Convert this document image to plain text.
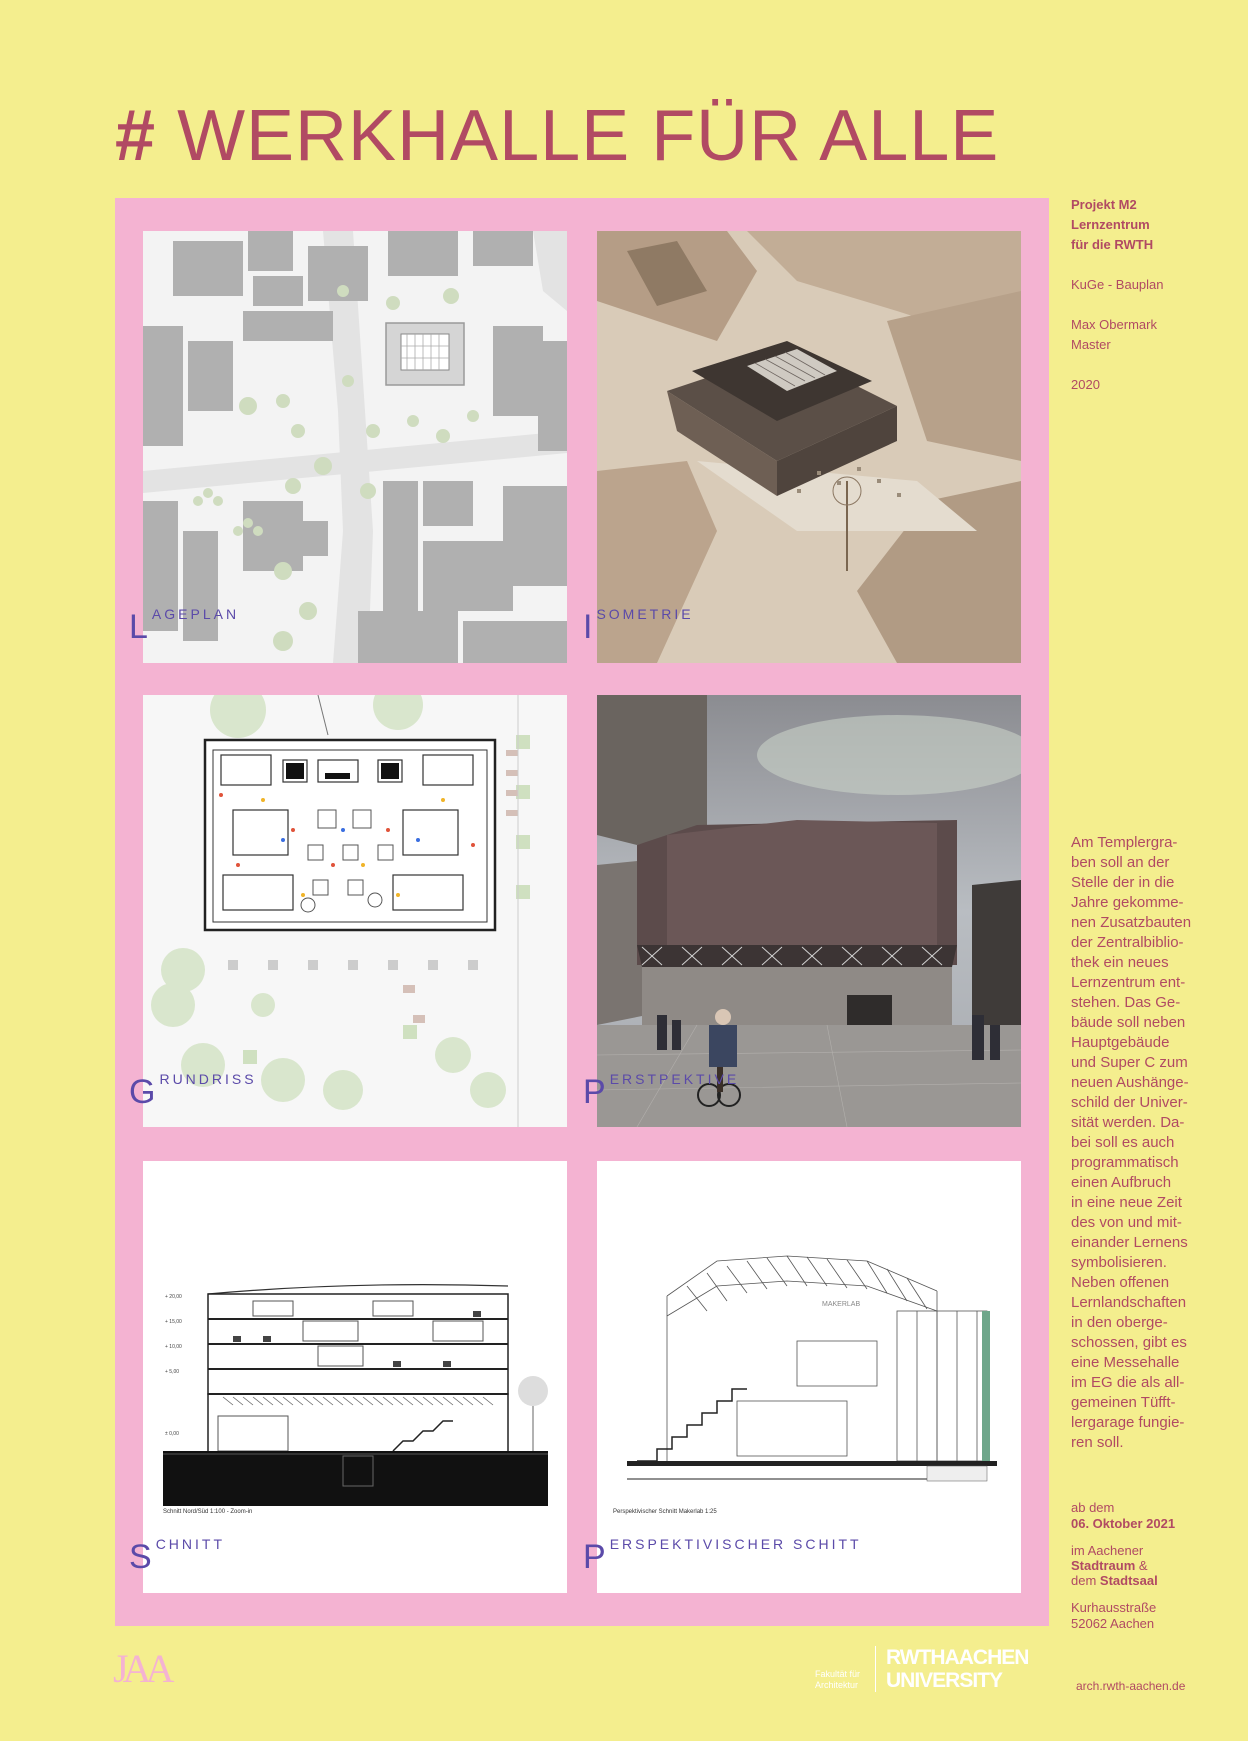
# WERKHALLE FÜR ALLE
LAGEPLAN	ISOMETRIE
GRUNDRISS	PERSTPEKTIVE
+ 20,00
+ 15,00
+ 10,00
+ 5,00
± 0,00
Schnitt Nord/Süd 1:100 - Zoom-in
SCHNITT
MAKERLAB
Perspektivischer Schnitt Makerlab 1:25
PERSPEKTIVISCHER SCHITT
Projekt M2
Lernzentrum
für die RWTH
KuGe - Bauplan
Max Obermark
Master
2020
Am Templergra-
ben soll an der
Stelle der in die
Jahre gekomme-
nen Zusatzbauten
der Zentralbiblio-
thek ein neues
Lernzentrum ent-
stehen. Das Ge-
bäude soll neben
Hauptgebäude
und Super C zum
neuen Aushänge-
schild der Univer-
sität werden. Da-
bei soll es auch
programmatisch
einen Aufbruch
in eine neue Zeit
des von und mit-
einander Lernens
symbolisieren.
Neben offenen
Lernlandschaften
in den oberge-
schossen, gibt es
eine Messehalle
im EG die als all-
gemeinen Tüfft-
lergarage fungie-
ren soll.
ab dem
06. Oktober 2021
im Aachener
Stadtraum &
dem Stadtsaal
Kurhausstraße
52062 Aachen
JAA	Fakultät für
Architektur
RWTHAACHEN
UNIVERSITY	arch.rwth-aachen.de
